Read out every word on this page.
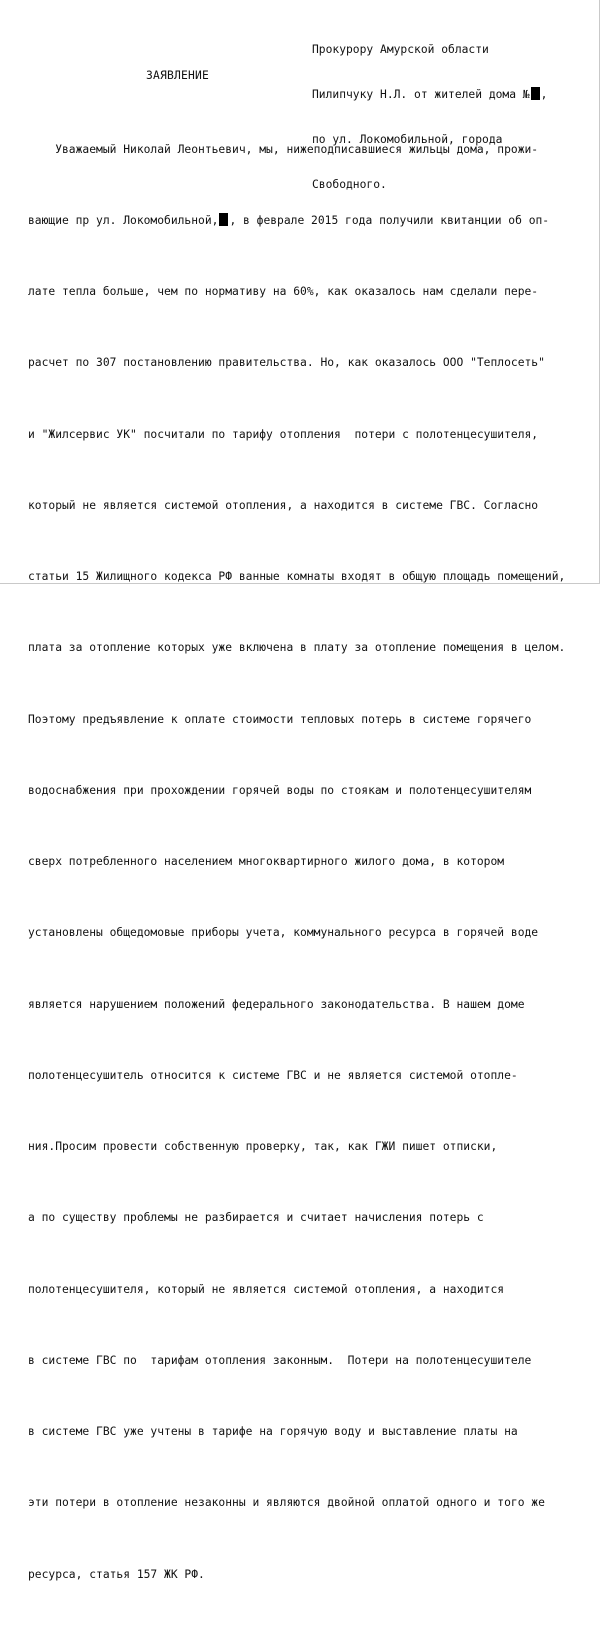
Прокурору Амурской области

Пилипчуку Н.Л. от жителей дома № ,

по ул. Локомобильной, города

Свободного.

ЗАЯВЛЕНИЕ

Уважаемый Николай Леонтьевич, мы, нижеподписавшиеся жильцы дома, прожи-

вающие пр ул. Локомобильной, , в феврале 2015 года получили квитанции об оп-

лате тепла больше, чем по нормативу на 60%, как оказалось нам сделали пере-

расчет по 307 постановлению правительства. Но, как оказалось ООО "Теплосеть"

и "Жилсервис УК" посчитали по тарифу отопления  потери с полотенцесушителя,

который не является системой отопления, а находится в системе ГВС. Согласно

статьи 15 Жилищного кодекса РФ ванные комнаты входят в общую площадь помещений,

плата за отопление которых уже включена в плату за отопление помещения в целом.

Поэтому предъявление к оплате стоимости тепловых потерь в системе горячего

водоснабжения при прохождении горячей воды по стоякам и полотенцесушителям

сверх потребленного населением многоквартирного жилого дома, в котором

установлены общедомовые приборы учета, коммунального ресурса в горячей воде

является нарушением положений федерального законодательства. В нашем доме

полотенцесушитель относится к системе ГВС и не является системой отопле-

ния.Просим провести собственную проверку, так, как ГЖИ пишет отписки,

а по существу проблемы не разбирается и считает начисления потерь с

полотенцесушителя, который не является системой отопления, а находится

в системе ГВС по  тарифам отопления законным.  Потери на полотенцесушителе

в системе ГВС уже учтены в тарифе на горячую воду и выставление платы на

эти потери в отопление незаконны и являются двойной оплатой одного и того же

ресурса, статья 157 ЖК РФ.
